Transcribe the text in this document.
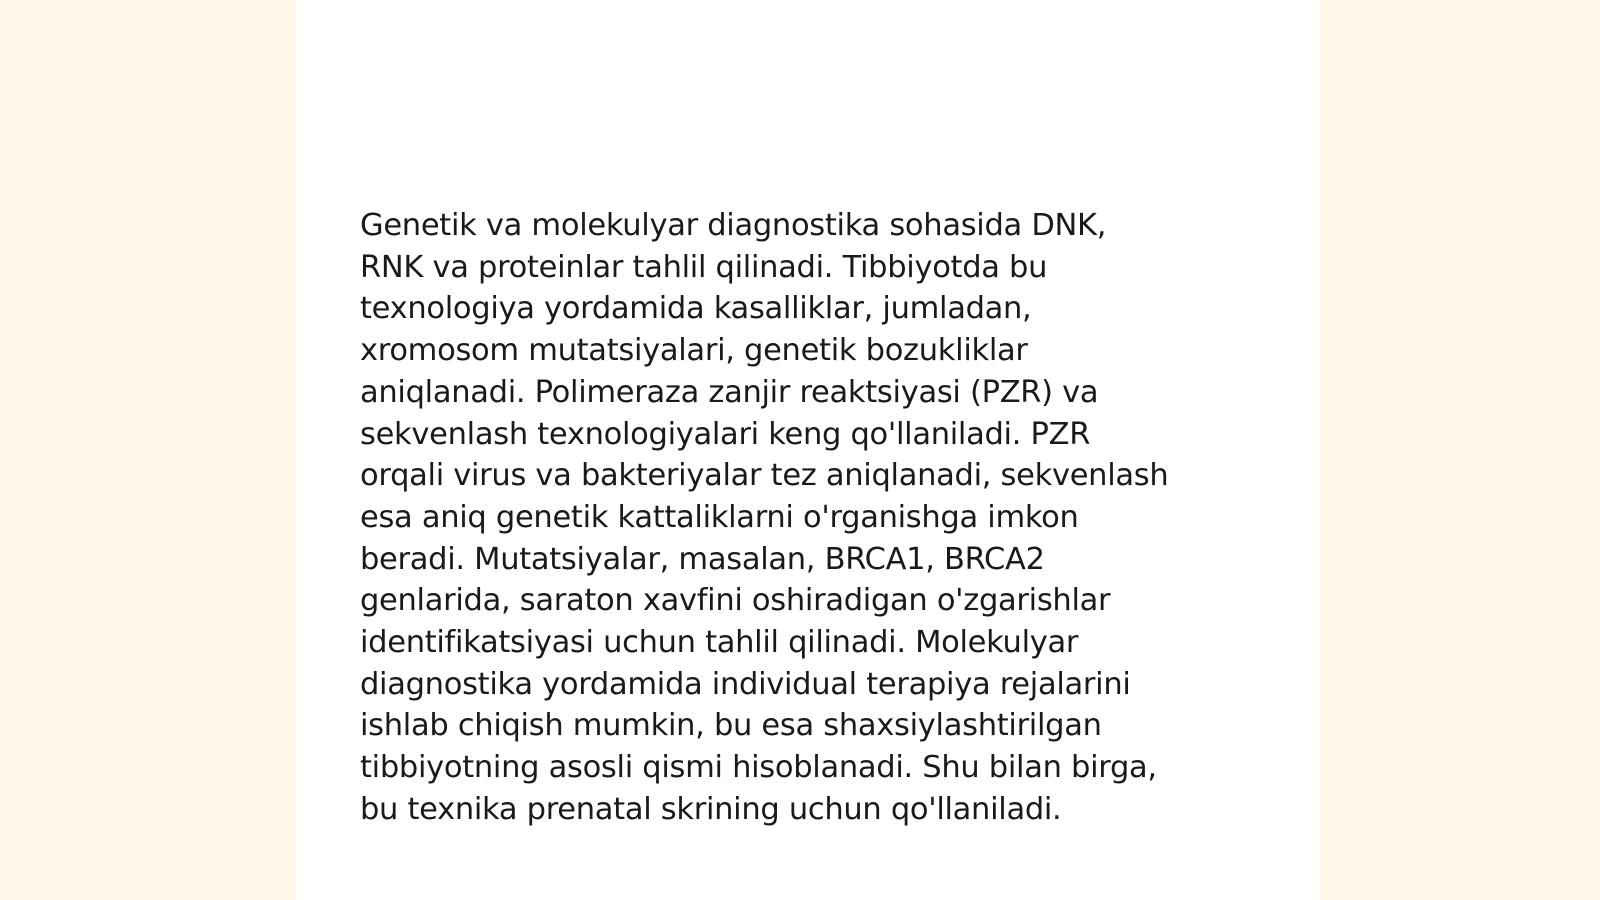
Genetik va molekulyar diagnostika sohasida DNK,
RNK va proteinlar tahlil qilinadi. Tibbiyotda bu
texnologiya yordamida kasalliklar, jumladan,
xromosom mutatsiyalari, genetik bozukliklar
aniqlanadi. Polimeraza zanjir reaktsiyasi (PZR) va
sekvenlash texnologiyalari keng qo'llaniladi. PZR
orqali virus va bakteriyalar tez aniqlanadi, sekvenlash
esa aniq genetik kattaliklarni o'rganishga imkon
beradi. Mutatsiyalar, masalan, BRCA1, BRCA2
genlarida, saraton xavfini oshiradigan o'zgarishlar
identifikatsiyasi uchun tahlil qilinadi. Molekulyar
diagnostika yordamida individual terapiya rejalarini
ishlab chiqish mumkin, bu esa shaxsiylashtirilgan
tibbiyotning asosli qismi hisoblanadi. Shu bilan birga,
bu texnika prenatal skrining uchun qo'llaniladi.
